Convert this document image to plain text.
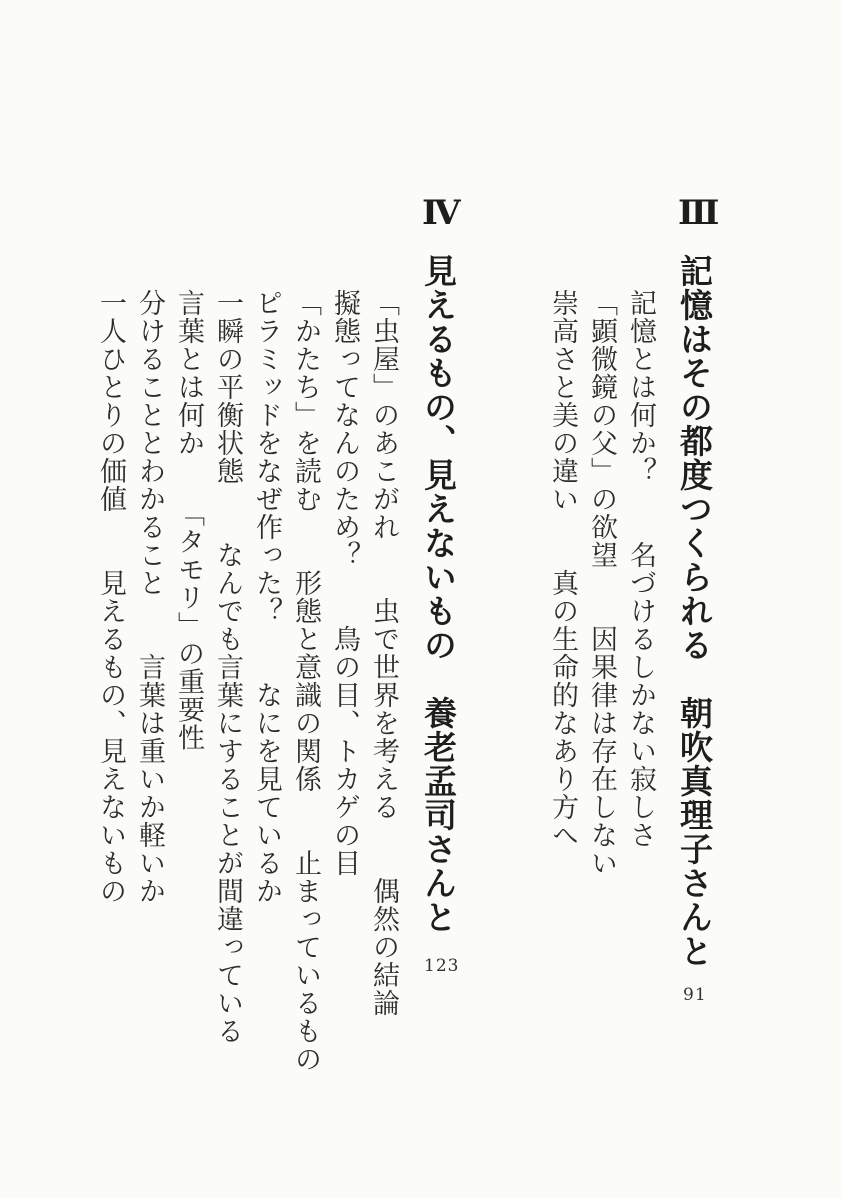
Ⅲ
記憶はその都度つくられる　朝吹真理子さんと
記憶とは何か？　　名づけるしかない寂しさ
「顕微鏡の父」の欲望　　因果律は存在しない
崇高さと美の違い　　真の生命的なあり方へ
91
Ⅳ
見えるもの、見えないもの　養老孟司さんと
「虫屋」のあこがれ　　虫で世界を考える　　偶然の結論
擬態ってなんのため？　　鳥の目、トカゲの目
「かたち」を読む　　形態と意識の関係　　止まっているもの
ピラミッドをなぜ作った？　　なにを見ているか
一瞬の平衡状態　　なんでも言葉にすることが間違っている
言葉とは何か　　「タモリ」の重要性
分けることとわかること　　言葉は重いか軽いか
一人ひとりの価値　　見えるもの、見えないもの
123
